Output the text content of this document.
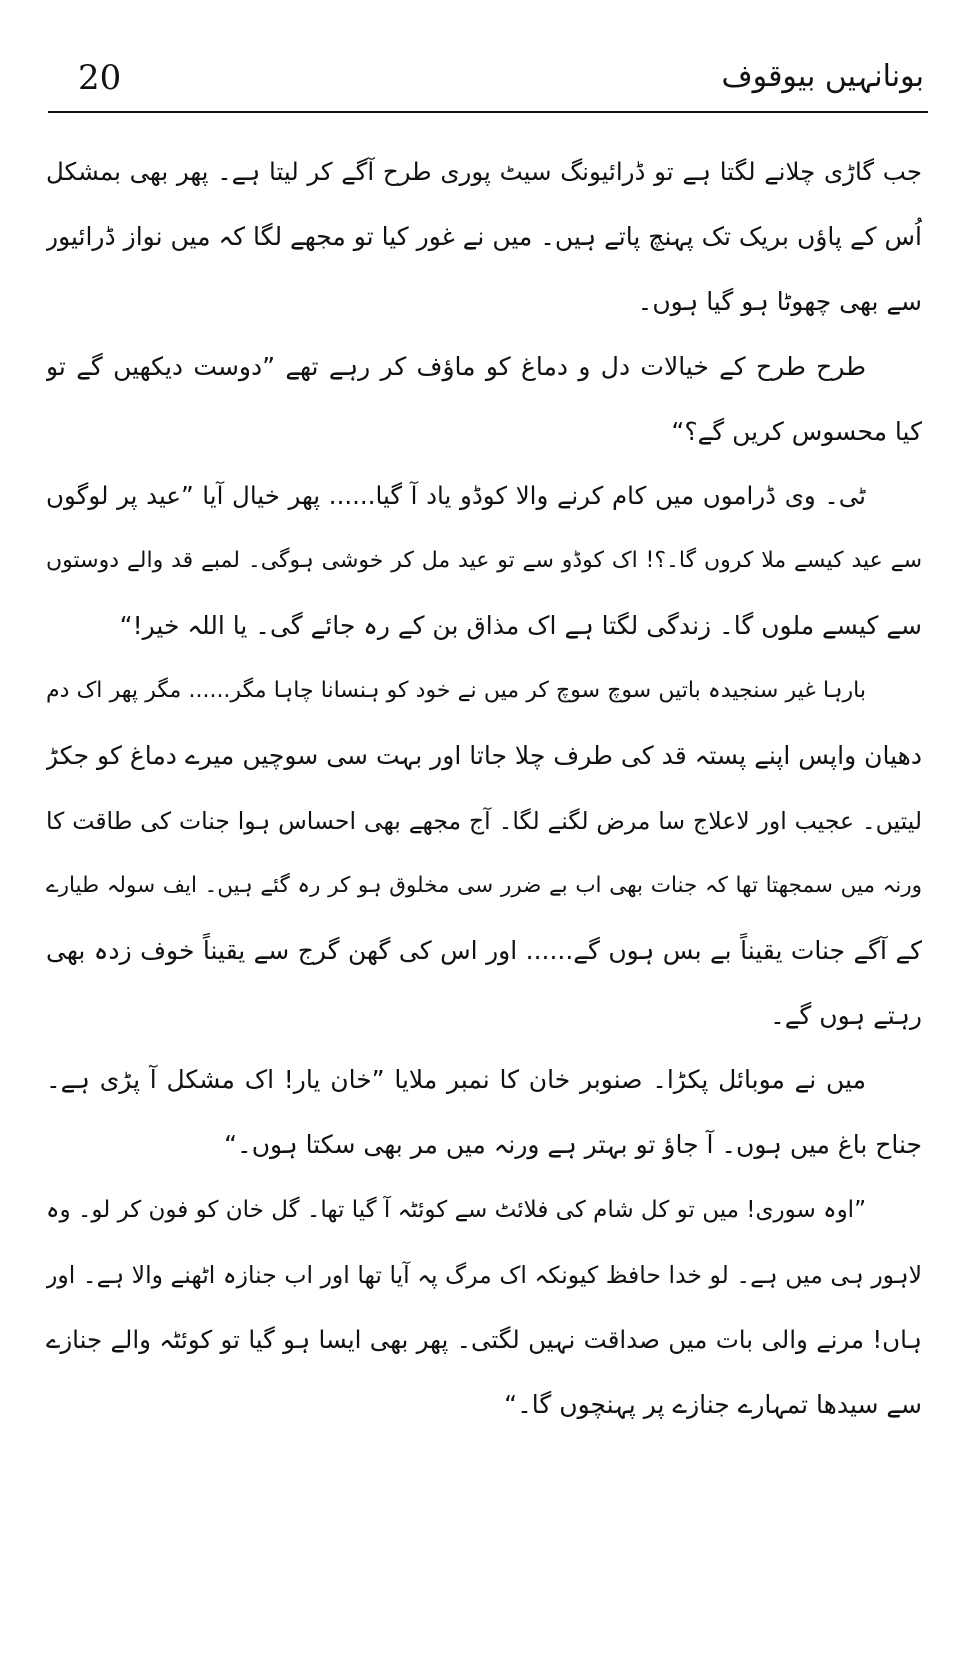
20	بونانہیں بیوقوف
جب گاڑی چلانے لگتا ہے تو ڈرائیونگ سیٹ پوری طرح آگے کر لیتا ہے۔ پھر بھی بمشکل
اُس کے پاؤں بریک تک پہنچ پاتے ہیں۔ میں نے غور کیا تو مجھے لگا کہ میں نواز ڈرائیور
سے بھی چھوٹا ہو گیا ہوں۔
طرح طرح کے خیالات دل و دماغ کو ماؤف کر رہے تھے ”دوست دیکھیں گے تو
کیا محسوس کریں گے؟“
ٹی۔ وی ڈراموں میں کام کرنے والا کوڈو یاد آ گیا...... پھر خیال آیا ”عید پر لوگوں
سے عید کیسے ملا کروں گا۔؟! اک کوڈو سے تو عید مل کر خوشی ہوگی۔ لمبے قد والے دوستوں
سے کیسے ملوں گا۔ زندگی لگتا ہے اک مذاق بن کے رہ جائے گی۔ یا اللہ خیر!“
بارہا غیر سنجیدہ باتیں سوچ سوچ کر میں نے خود کو ہنسانا چاہا مگر...... مگر پھر اک دم
دھیان واپس اپنے پستہ قد کی طرف چلا جاتا اور بہت سی سوچیں میرے دماغ کو جکڑ
لیتیں۔ عجیب اور لاعلاج سا مرض لگنے لگا۔ آج مجھے بھی احساس ہوا جنات کی طاقت کا
ورنہ میں سمجھتا تھا کہ جنات بھی اب بے ضرر سی مخلوق ہو کر رہ گئے ہیں۔ ایف سولہ طیارے
کے آگے جنات یقیناً بے بس ہوں گے...... اور اس کی گھن گرج سے یقیناً خوف زدہ بھی
رہتے ہوں گے۔
میں نے موبائل پکڑا۔ صنوبر خان کا نمبر ملایا ”خان یار! اک مشکل آ پڑی ہے۔
جناح باغ میں ہوں۔ آ جاؤ تو بہتر ہے ورنہ میں مر بھی سکتا ہوں۔“
”اوہ سوری! میں تو کل شام کی فلائٹ سے کوئٹہ آ گیا تھا۔ گل خان کو فون کر لو۔ وہ
لاہور ہی میں ہے۔ لو خدا حافظ کیونکہ اک مرگ پہ آیا تھا اور اب جنازہ اٹھنے والا ہے۔ اور
ہاں! مرنے والی بات میں صداقت نہیں لگتی۔ پھر بھی ایسا ہو گیا تو کوئٹہ والے جنازے
سے سیدھا تمہارے جنازے پر پہنچوں گا۔“
